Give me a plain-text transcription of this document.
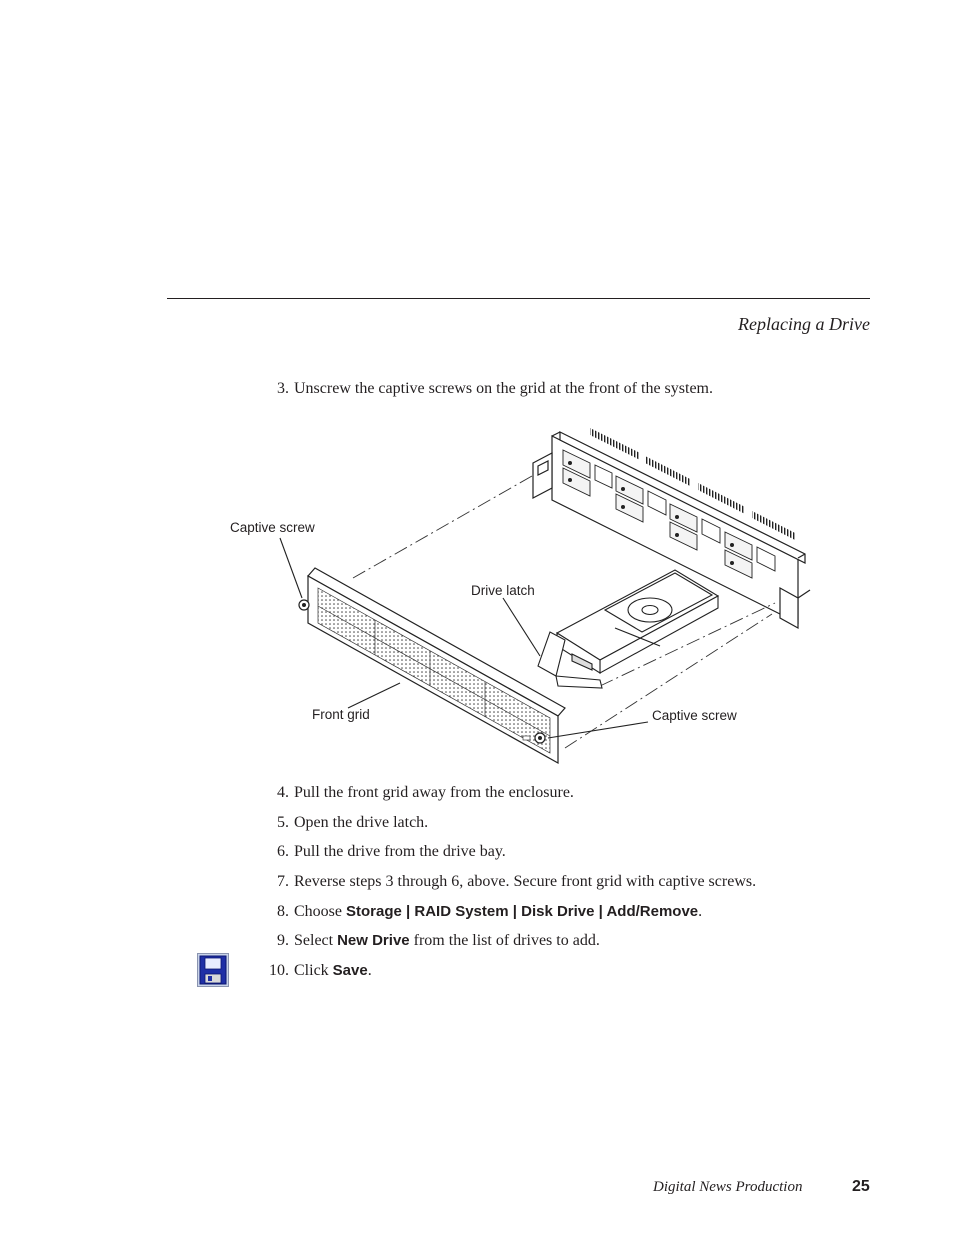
Replacing a Drive
3. Unscrew the captive screws on the grid at the front of the system.
Captive screw
Drive latch
Front grid	Captive screw
4. Pull the front grid away from the enclosure.
5. Open the drive latch.
6. Pull the drive from the drive bay.
7. Reverse steps 3 through 6, above. Secure front grid with captive screws.
8. Choose Storage | RAID System | Disk Drive | Add/Remove.
9. Select New Drive from the list of drives to add.
10. Click Save.
Digital News Production	25
